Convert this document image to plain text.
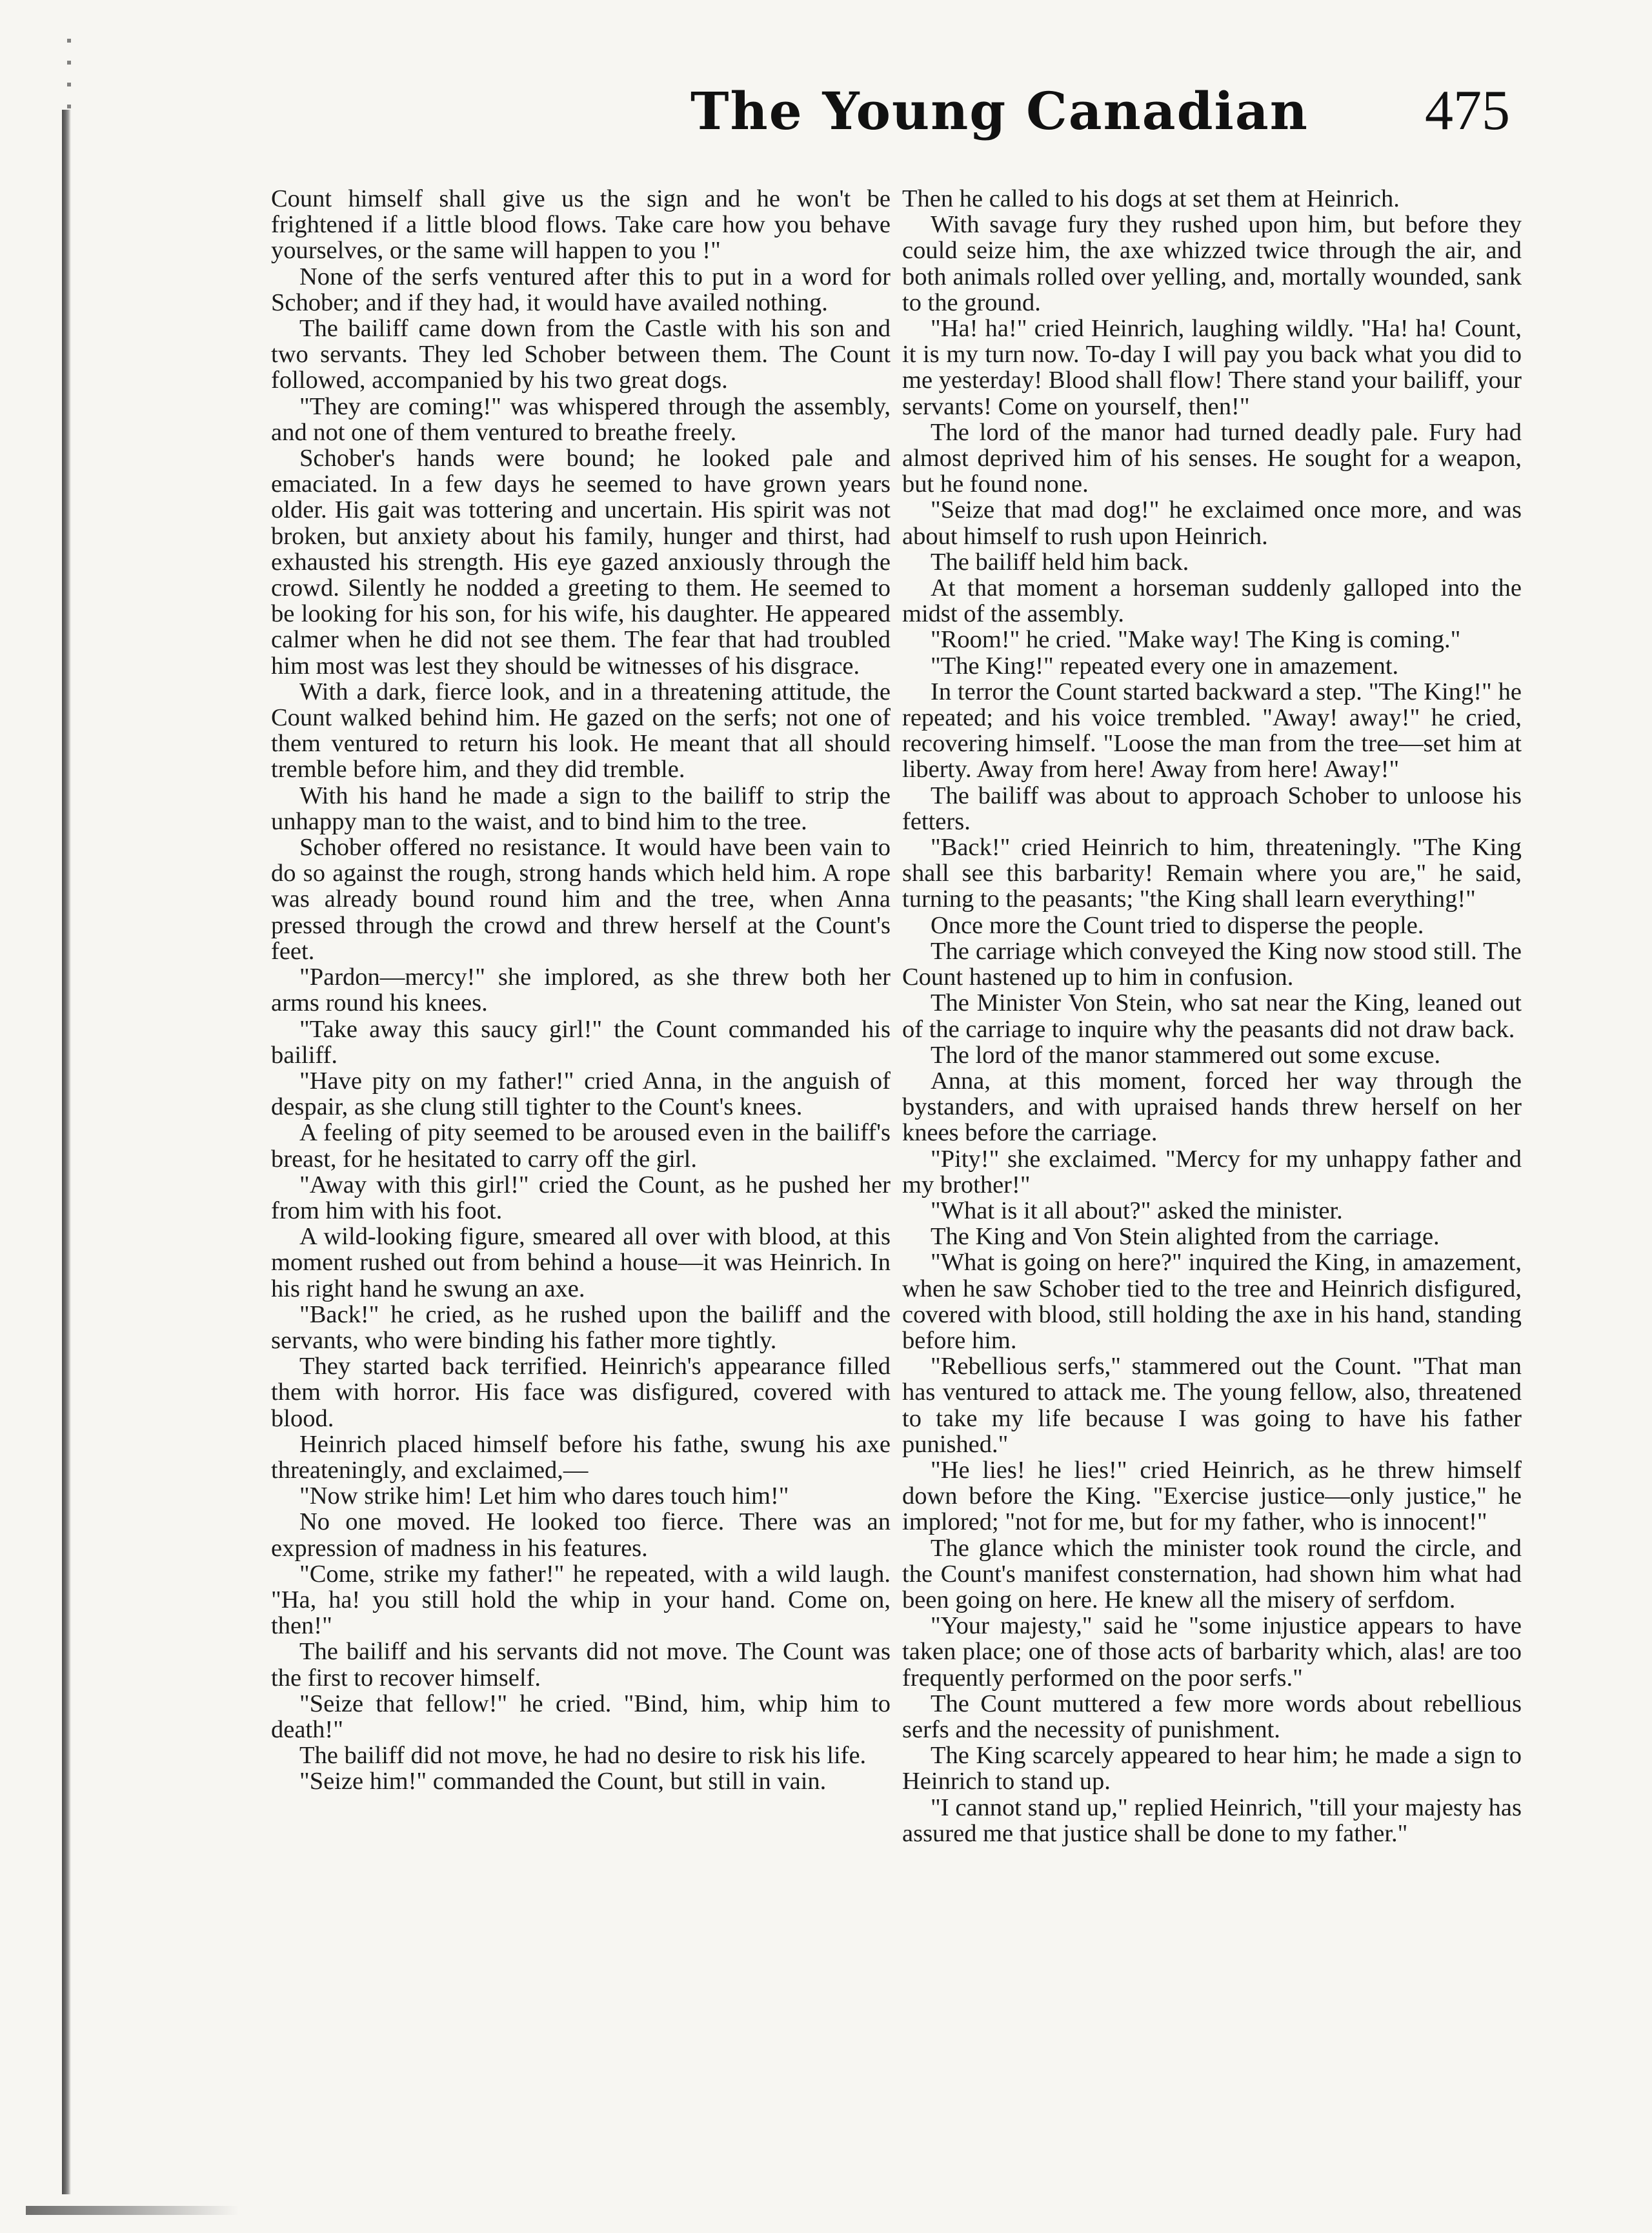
The Young Canadian 475

Count himself shall give us the sign and he won't be frightened if a little blood flows. Take care how you behave yourselves, or the same will happen to you !"

None of the serfs ventured after this to put in a word for Schober; and if they had, it would have availed nothing.

The bailiff came down from the Castle with his son and two servants. They led Schober between them. The Count followed, accompanied by his two great dogs.

"They are coming!" was whispered through the assembly, and not one of them ventured to breathe freely.

Schober's hands were bound; he looked pale and emaciated. In a few days he seemed to have grown years older. His gait was tottering and uncertain. His spirit was not broken, but anxiety about his family, hunger and thirst, had exhausted his strength. His eye gazed anxiously through the crowd. Silently he nodded a greeting to them. He seemed to be looking for his son, for his wife, his daughter. He appeared calmer when he did not see them. The fear that had troubled him most was lest they should be witnesses of his disgrace.

With a dark, fierce look, and in a threatening attitude, the Count walked behind him. He gazed on the serfs; not one of them ventured to return his look. He meant that all should tremble before him, and they did tremble.

With his hand he made a sign to the bailiff to strip the unhappy man to the waist, and to bind him to the tree.

Schober offered no resistance. It would have been vain to do so against the rough, strong hands which held him. A rope was already bound round him and the tree, when Anna pressed through the crowd and threw herself at the Count's feet.

"Pardon—mercy!" she implored, as she threw both her arms round his knees.

"Take away this saucy girl!" the Count commanded his bailiff.

"Have pity on my father!" cried Anna, in the anguish of despair, as she clung still tighter to the Count's knees.

A feeling of pity seemed to be aroused even in the bailiff's breast, for he hesitated to carry off the girl.

"Away with this girl!" cried the Count, as he pushed her from him with his foot.

A wild-looking figure, smeared all over with blood, at this moment rushed out from behind a house—it was Heinrich. In his right hand he swung an axe.

"Back!" he cried, as he rushed upon the bailiff and the servants, who were binding his father more tightly.

They started back terrified. Heinrich's appearance filled them with horror. His face was disfigured, covered with blood.

Heinrich placed himself before his fathe, swung his axe threateningly, and exclaimed,—

"Now strike him! Let him who dares touch him!"

No one moved. He looked too fierce. There was an expression of madness in his features.

"Come, strike my father!" he repeated, with a wild laugh. "Ha, ha! you still hold the whip in your hand. Come on, then!"

The bailiff and his servants did not move. The Count was the first to recover himself.

"Seize that fellow!" he cried. "Bind, him, whip him to death!"

The bailiff did not move, he had no desire to risk his life.

"Seize him!" commanded the Count, but still in vain.

Then he called to his dogs at set them at Heinrich.

With savage fury they rushed upon him, but before they could seize him, the axe whizzed twice through the air, and both animals rolled over yelling, and, mortally wounded, sank to the ground.

"Ha! ha!" cried Heinrich, laughing wildly. "Ha! ha! Count, it is my turn now. To-day I will pay you back what you did to me yesterday! Blood shall flow! There stand your bailiff, your servants! Come on yourself, then!"

The lord of the manor had turned deadly pale. Fury had almost deprived him of his senses. He sought for a weapon, but he found none.

"Seize that mad dog!" he exclaimed once more, and was about himself to rush upon Heinrich.

The bailiff held him back.

At that moment a horseman suddenly galloped into the midst of the assembly.

"Room!" he cried. "Make way! The King is coming."

"The King!" repeated every one in amazement.

In terror the Count started backward a step. "The King!" he repeated; and his voice trembled. "Away! away!" he cried, recovering himself. "Loose the man from the tree—set him at liberty. Away from here! Away from here! Away!"

The bailiff was about to approach Schober to unloose his fetters.

"Back!" cried Heinrich to him, threateningly. "The King shall see this barbarity! Remain where you are," he said, turning to the peasants; "the King shall learn everything!"

Once more the Count tried to disperse the people.

The carriage which conveyed the King now stood still. The Count hastened up to him in confusion.

The Minister Von Stein, who sat near the King, leaned out of the carriage to inquire why the peasants did not draw back.

The lord of the manor stammered out some excuse.

Anna, at this moment, forced her way through the bystanders, and with upraised hands threw herself on her knees before the carriage.

"Pity!" she exclaimed. "Mercy for my unhappy father and my brother!"

"What is it all about?" asked the minister.

The King and Von Stein alighted from the carriage.

"What is going on here?" inquired the King, in amazement, when he saw Schober tied to the tree and Heinrich disfigured, covered with blood, still holding the axe in his hand, standing before him.

"Rebellious serfs," stammered out the Count. "That man has ventured to attack me. The young fellow, also, threatened to take my life because I was going to have his father punished."

"He lies! he lies!" cried Heinrich, as he threw himself down before the King. "Exercise justice—only justice," he implored; "not for me, but for my father, who is innocent!"

The glance which the minister took round the circle, and the Count's manifest consternation, had shown him what had been going on here. He knew all the misery of serfdom.

"Your majesty," said he "some injustice appears to have taken place; one of those acts of barbarity which, alas! are too frequently performed on the poor serfs."

The Count muttered a few more words about rebellious serfs and the necessity of punishment.

The King scarcely appeared to hear him; he made a sign to Heinrich to stand up.

"I cannot stand up," replied Heinrich, "till your majesty has assured me that justice shall be done to my father."
